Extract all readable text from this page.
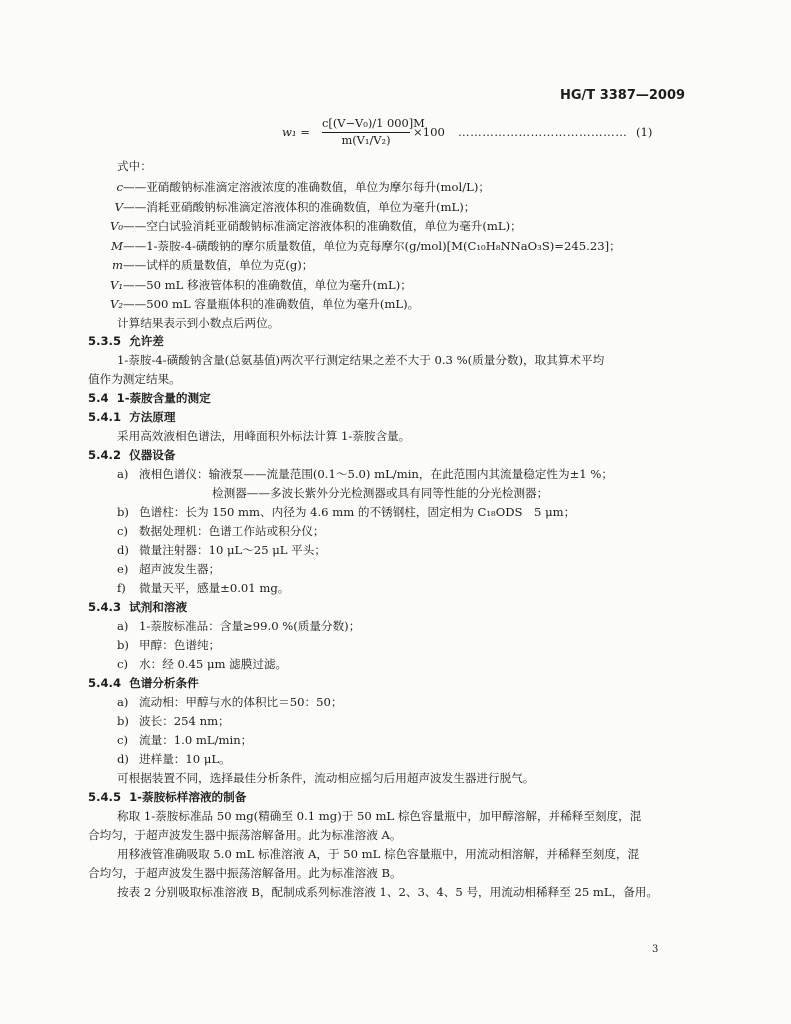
HG/T 3387—2009
$w_1 = \frac{\text{c[(V−V₀)/1 000]M}}{\text{m(V₁/V₂)}} \times 100$ …………………………………… (1)
式中：
c——亚硝酸钠标准滴定溶液浓度的准确数值，单位为摩尔每升(mol/L)；
V——消耗亚硝酸钠标准滴定溶液体积的准确数值，单位为毫升(mL)；
V₀——空白试验消耗亚硝酸钠标准滴定溶液体积的准确数值，单位为毫升(mL)；
M——1-萘胺-4-磺酸钠的摩尔质量数值，单位为克每摩尔(g/mol)[M(C₁₀H₈NNaO₃S)=245.23]；
m——试样的质量数值，单位为克(g)；
V₁——50 mL 移液管体积的准确数值，单位为毫升(mL)；
V₂——500 mL 容量瓶体积的准确数值，单位为毫升(mL)。
计算结果表示到小数点后两位。
5.3.5 允许差
1-萘胺-4-磺酸钠含量(总氨基值)两次平行测定结果之差不大于 0.3 %(质量分数)，取其算术平均
值作为测定结果。
5.4 1-萘胺含量的测定
5.4.1 方法原理
采用高效液相色谱法，用峰面积外标法计算 1-萘胺含量。
5.4.2 仪器设备
a) 液相色谱仪：输液泵——流量范围(0.1～5.0) mL/min，在此范围内其流量稳定性为±1 %；
检测器——多波长紫外分光检测器或具有同等性能的分光检测器；
b) 色谱柱：长为 150 mm、内径为 4.6 mm 的不锈钢柱，固定相为 C₁₈ODS　5 μm；
c) 数据处理机：色谱工作站或积分仪；
d) 微量注射器：10 μL～25 μL 平头；
e) 超声波发生器；
f) 微量天平，感量±0.01 mg。
5.4.3 试剂和溶液
a) 1-萘胺标准品：含量≥99.0 %(质量分数)；
b) 甲醇：色谱纯；
c) 水：经 0.45 μm 滤膜过滤。
5.4.4 色谱分析条件
a) 流动相：甲醇与水的体积比＝50：50；
b) 波长：254 nm；
c) 流量：1.0 mL/min；
d) 进样量：10 μL。
可根据装置不同，选择最佳分析条件，流动相应摇匀后用超声波发生器进行脱气。
5.4.5 1-萘胺标样溶液的制备
称取 1-萘胺标准品 50 mg(精确至 0.1 mg)于 50 mL 棕色容量瓶中，加甲醇溶解，并稀释至刻度，混
合均匀，于超声波发生器中振荡溶解备用。此为标准溶液 A。
用移液管准确吸取 5.0 mL 标准溶液 A，于 50 mL 棕色容量瓶中，用流动相溶解，并稀释至刻度，混
合均匀，于超声波发生器中振荡溶解备用。此为标准溶液 B。
按表 2 分别吸取标准溶液 B，配制成系列标准溶液 1、2、3、4、5 号，用流动相稀释至 25 mL，备用。
3
